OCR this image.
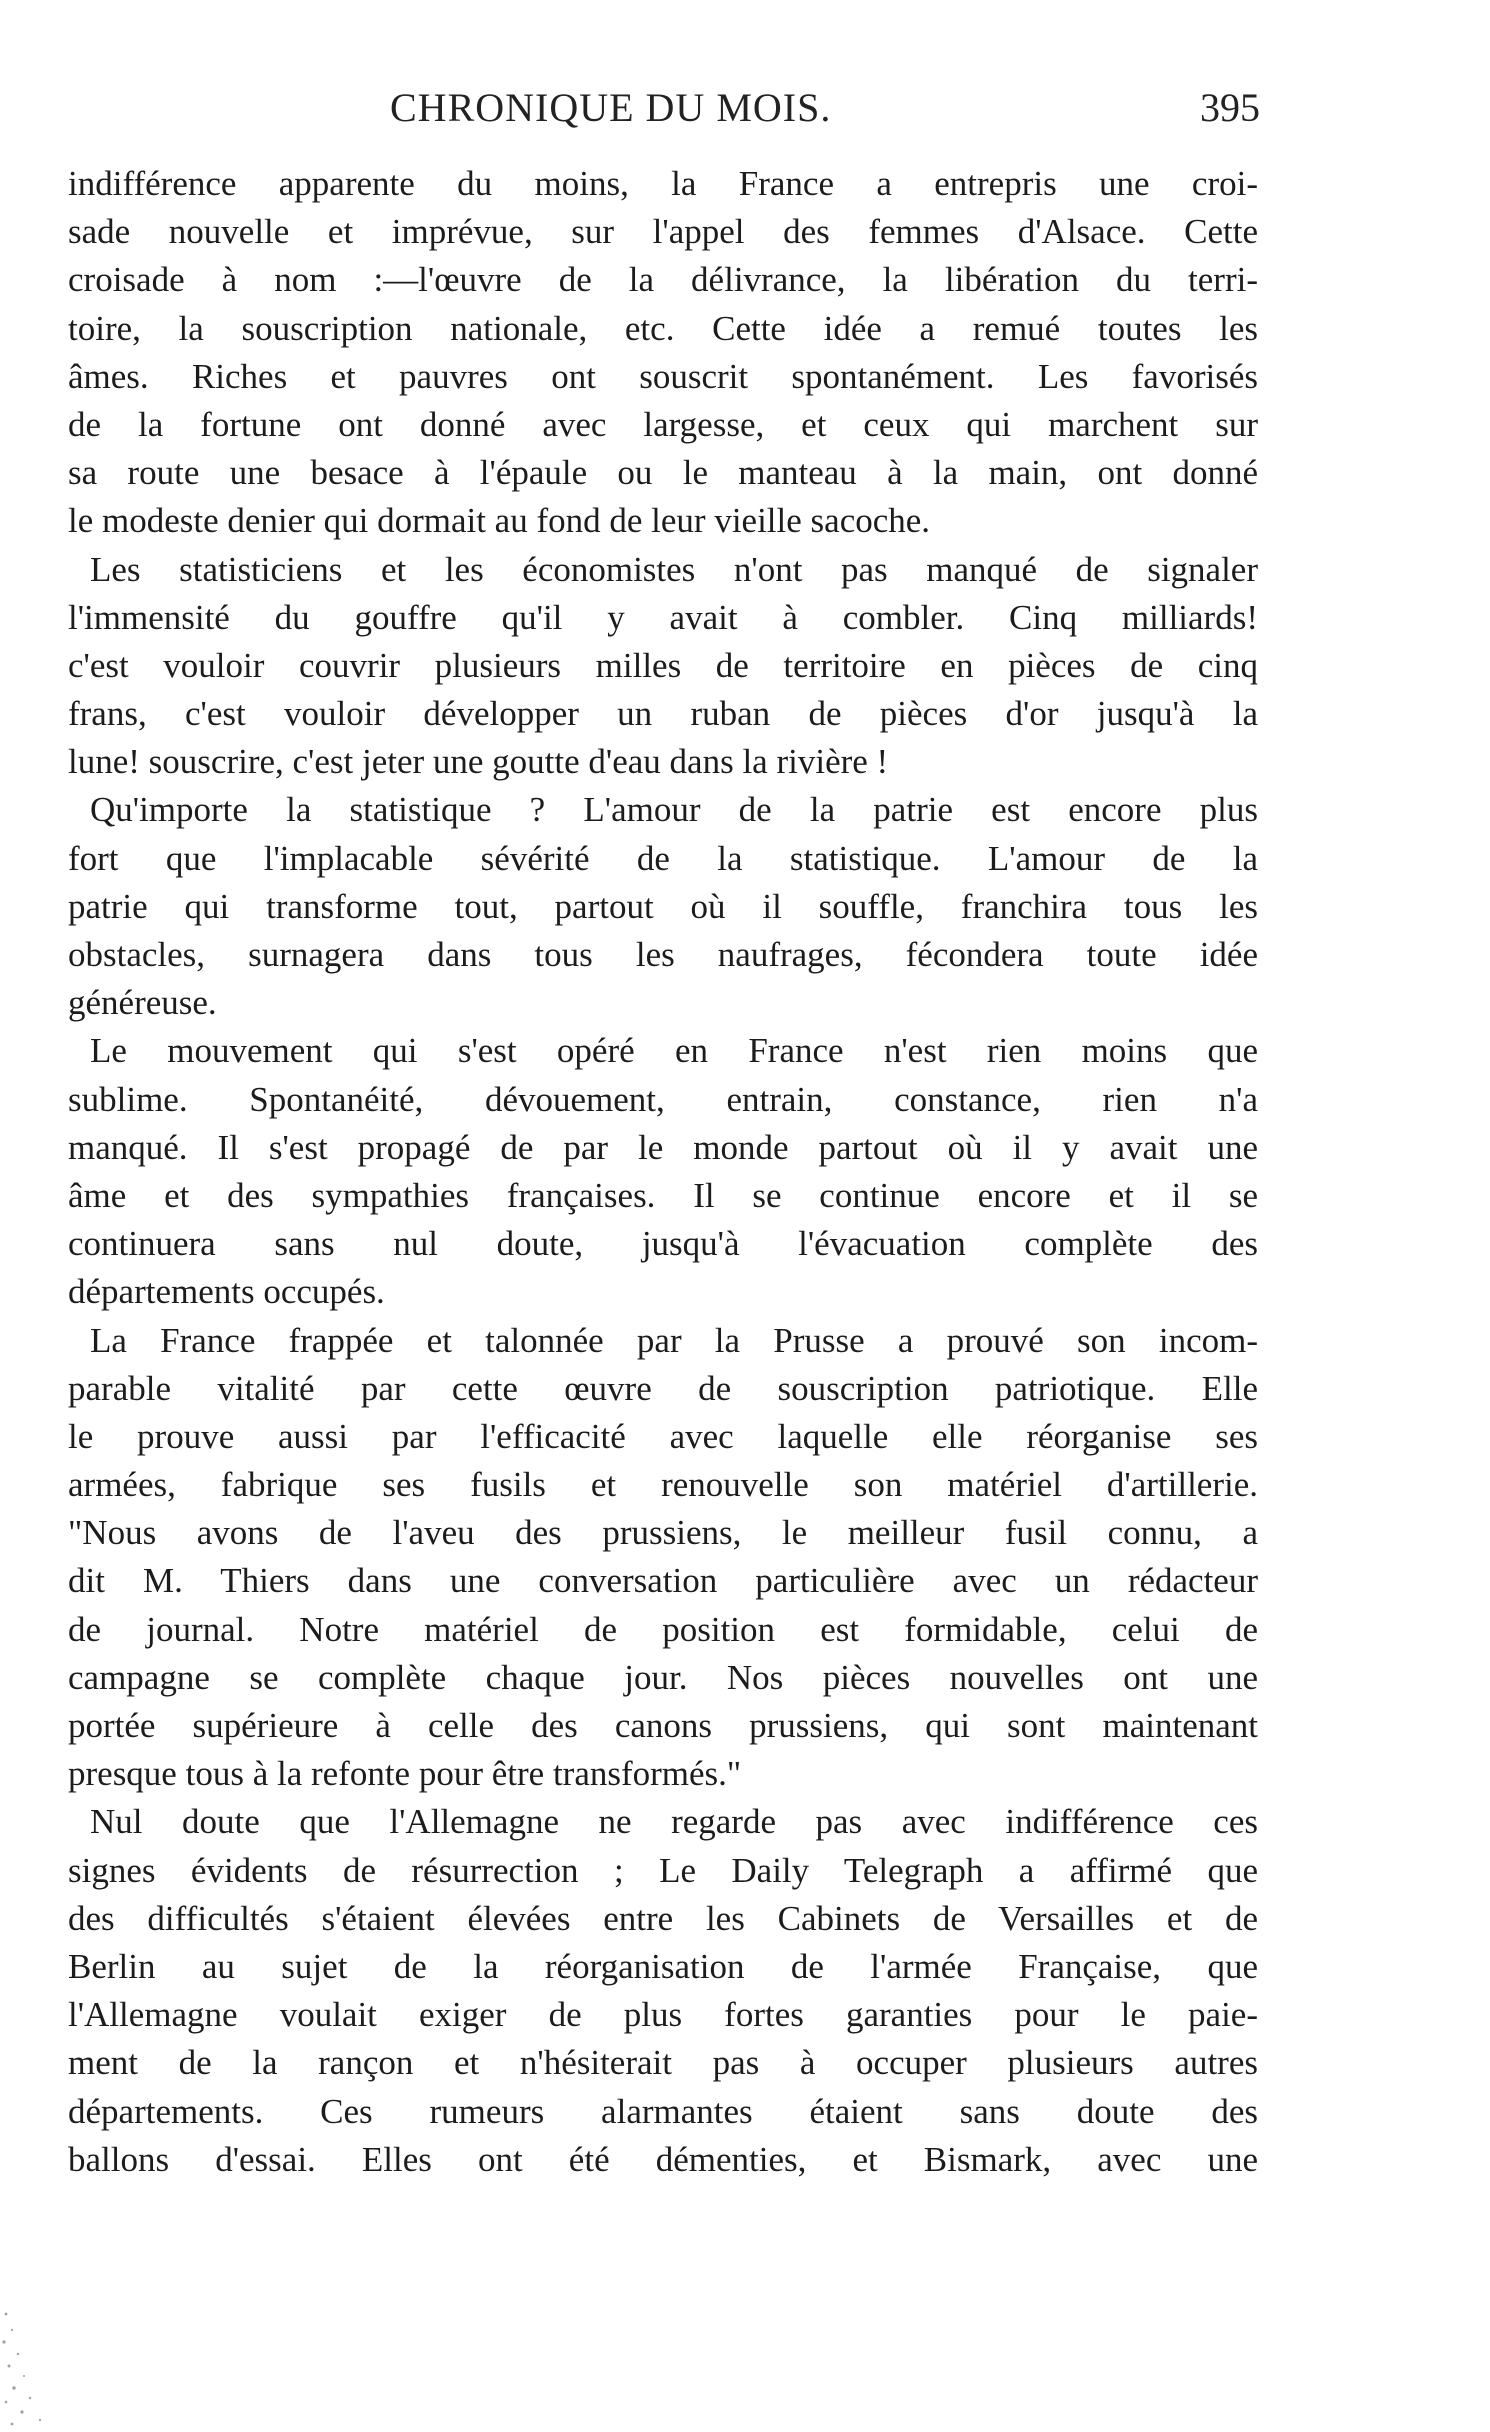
CHRONIQUE DU MOIS.	395
indifférence apparente du moins, la France a entrepris une croi-
sade nouvelle et imprévue, sur l'appel des femmes d'Alsace. Cette
croisade à nom :—l'œuvre de la délivrance, la libération du terri-
toire, la souscription nationale, etc. Cette idée a remué toutes les
âmes. Riches et pauvres ont souscrit spontanément. Les favorisés
de la fortune ont donné avec largesse, et ceux qui marchent sur
sa route une besace à l'épaule ou le manteau à la main, ont donné
le modeste denier qui dormait au fond de leur vieille sacoche.
Les statisticiens et les économistes n'ont pas manqué de signaler
l'immensité du gouffre qu'il y avait à combler. Cinq milliards!
c'est vouloir couvrir plusieurs milles de territoire en pièces de cinq
frans, c'est vouloir développer un ruban de pièces d'or jusqu'à la
lune! souscrire, c'est jeter une goutte d'eau dans la rivière !
Qu'importe la statistique ? L'amour de la patrie est encore plus
fort que l'implacable sévérité de la statistique. L'amour de la
patrie qui transforme tout, partout où il souffle, franchira tous les
obstacles, surnagera dans tous les naufrages, fécondera toute idée
généreuse.
Le mouvement qui s'est opéré en France n'est rien moins que
sublime. Spontanéité, dévouement, entrain, constance, rien n'a
manqué. Il s'est propagé de par le monde partout où il y avait une
âme et des sympathies françaises. Il se continue encore et il se
continuera sans nul doute, jusqu'à l'évacuation complète des
départements occupés.
La France frappée et talonnée par la Prusse a prouvé son incom-
parable vitalité par cette œuvre de souscription patriotique. Elle
le prouve aussi par l'efficacité avec laquelle elle réorganise ses
armées, fabrique ses fusils et renouvelle son matériel d'artillerie.
"Nous avons de l'aveu des prussiens, le meilleur fusil connu, a
dit M. Thiers dans une conversation particulière avec un rédacteur
de journal. Notre matériel de position est formidable, celui de
campagne se complète chaque jour. Nos pièces nouvelles ont une
portée supérieure à celle des canons prussiens, qui sont maintenant
presque tous à la refonte pour être transformés."
Nul doute que l'Allemagne ne regarde pas avec indifférence ces
signes évidents de résurrection ; Le Daily Telegraph a affirmé que
des difficultés s'étaient élevées entre les Cabinets de Versailles et de
Berlin au sujet de la réorganisation de l'armée Française, que
l'Allemagne voulait exiger de plus fortes garanties pour le paie-
ment de la rançon et n'hésiterait pas à occuper plusieurs autres
départements. Ces rumeurs alarmantes étaient sans doute des
ballons d'essai. Elles ont été démenties, et Bismark, avec une
